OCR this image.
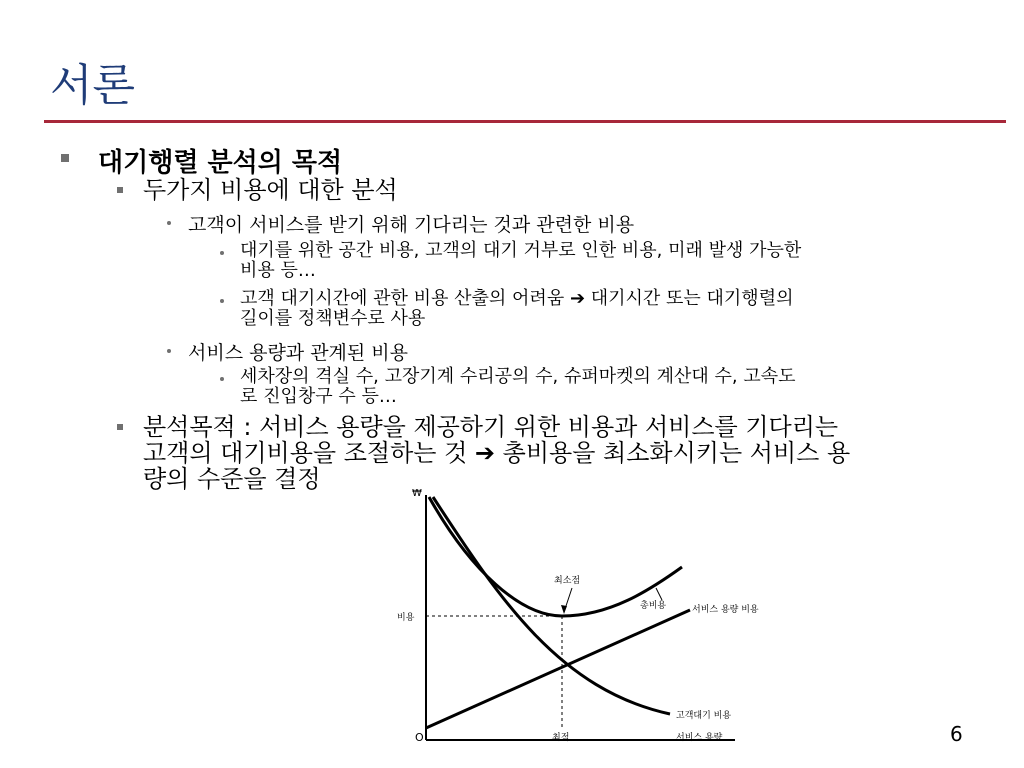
서론
대기행렬 분석의 목적
두가지 비용에 대한 분석
고객이 서비스를 받기 위해 기다리는 것과 관련한 비용
대기를 위한 공간 비용, 고객의 대기 거부로 인한 비용, 미래 발생 가능한
비용 등…
고객 대기시간에 관한 비용 산출의 어려움 ➔ 대기시간 또는 대기행렬의
길이를 정책변수로 사용
서비스 용량과 관계된 비용
세차장의 격실 수, 고장기계 수리공의 수, 슈퍼마켓의 계산대 수, 고속도
로 진입창구 수 등…
분석목적 : 서비스 용량을 제공하기 위한 비용과 서비스를 기다리는
고객의 대기비용을 조절하는 것 ➔ 총비용을 최소화시키는 서비스 용
량의 수준을 결정
₩
O	최적	서비스 용량
비용
서비스 용량 비용
고객대기 비용
총비용
최소점
6
